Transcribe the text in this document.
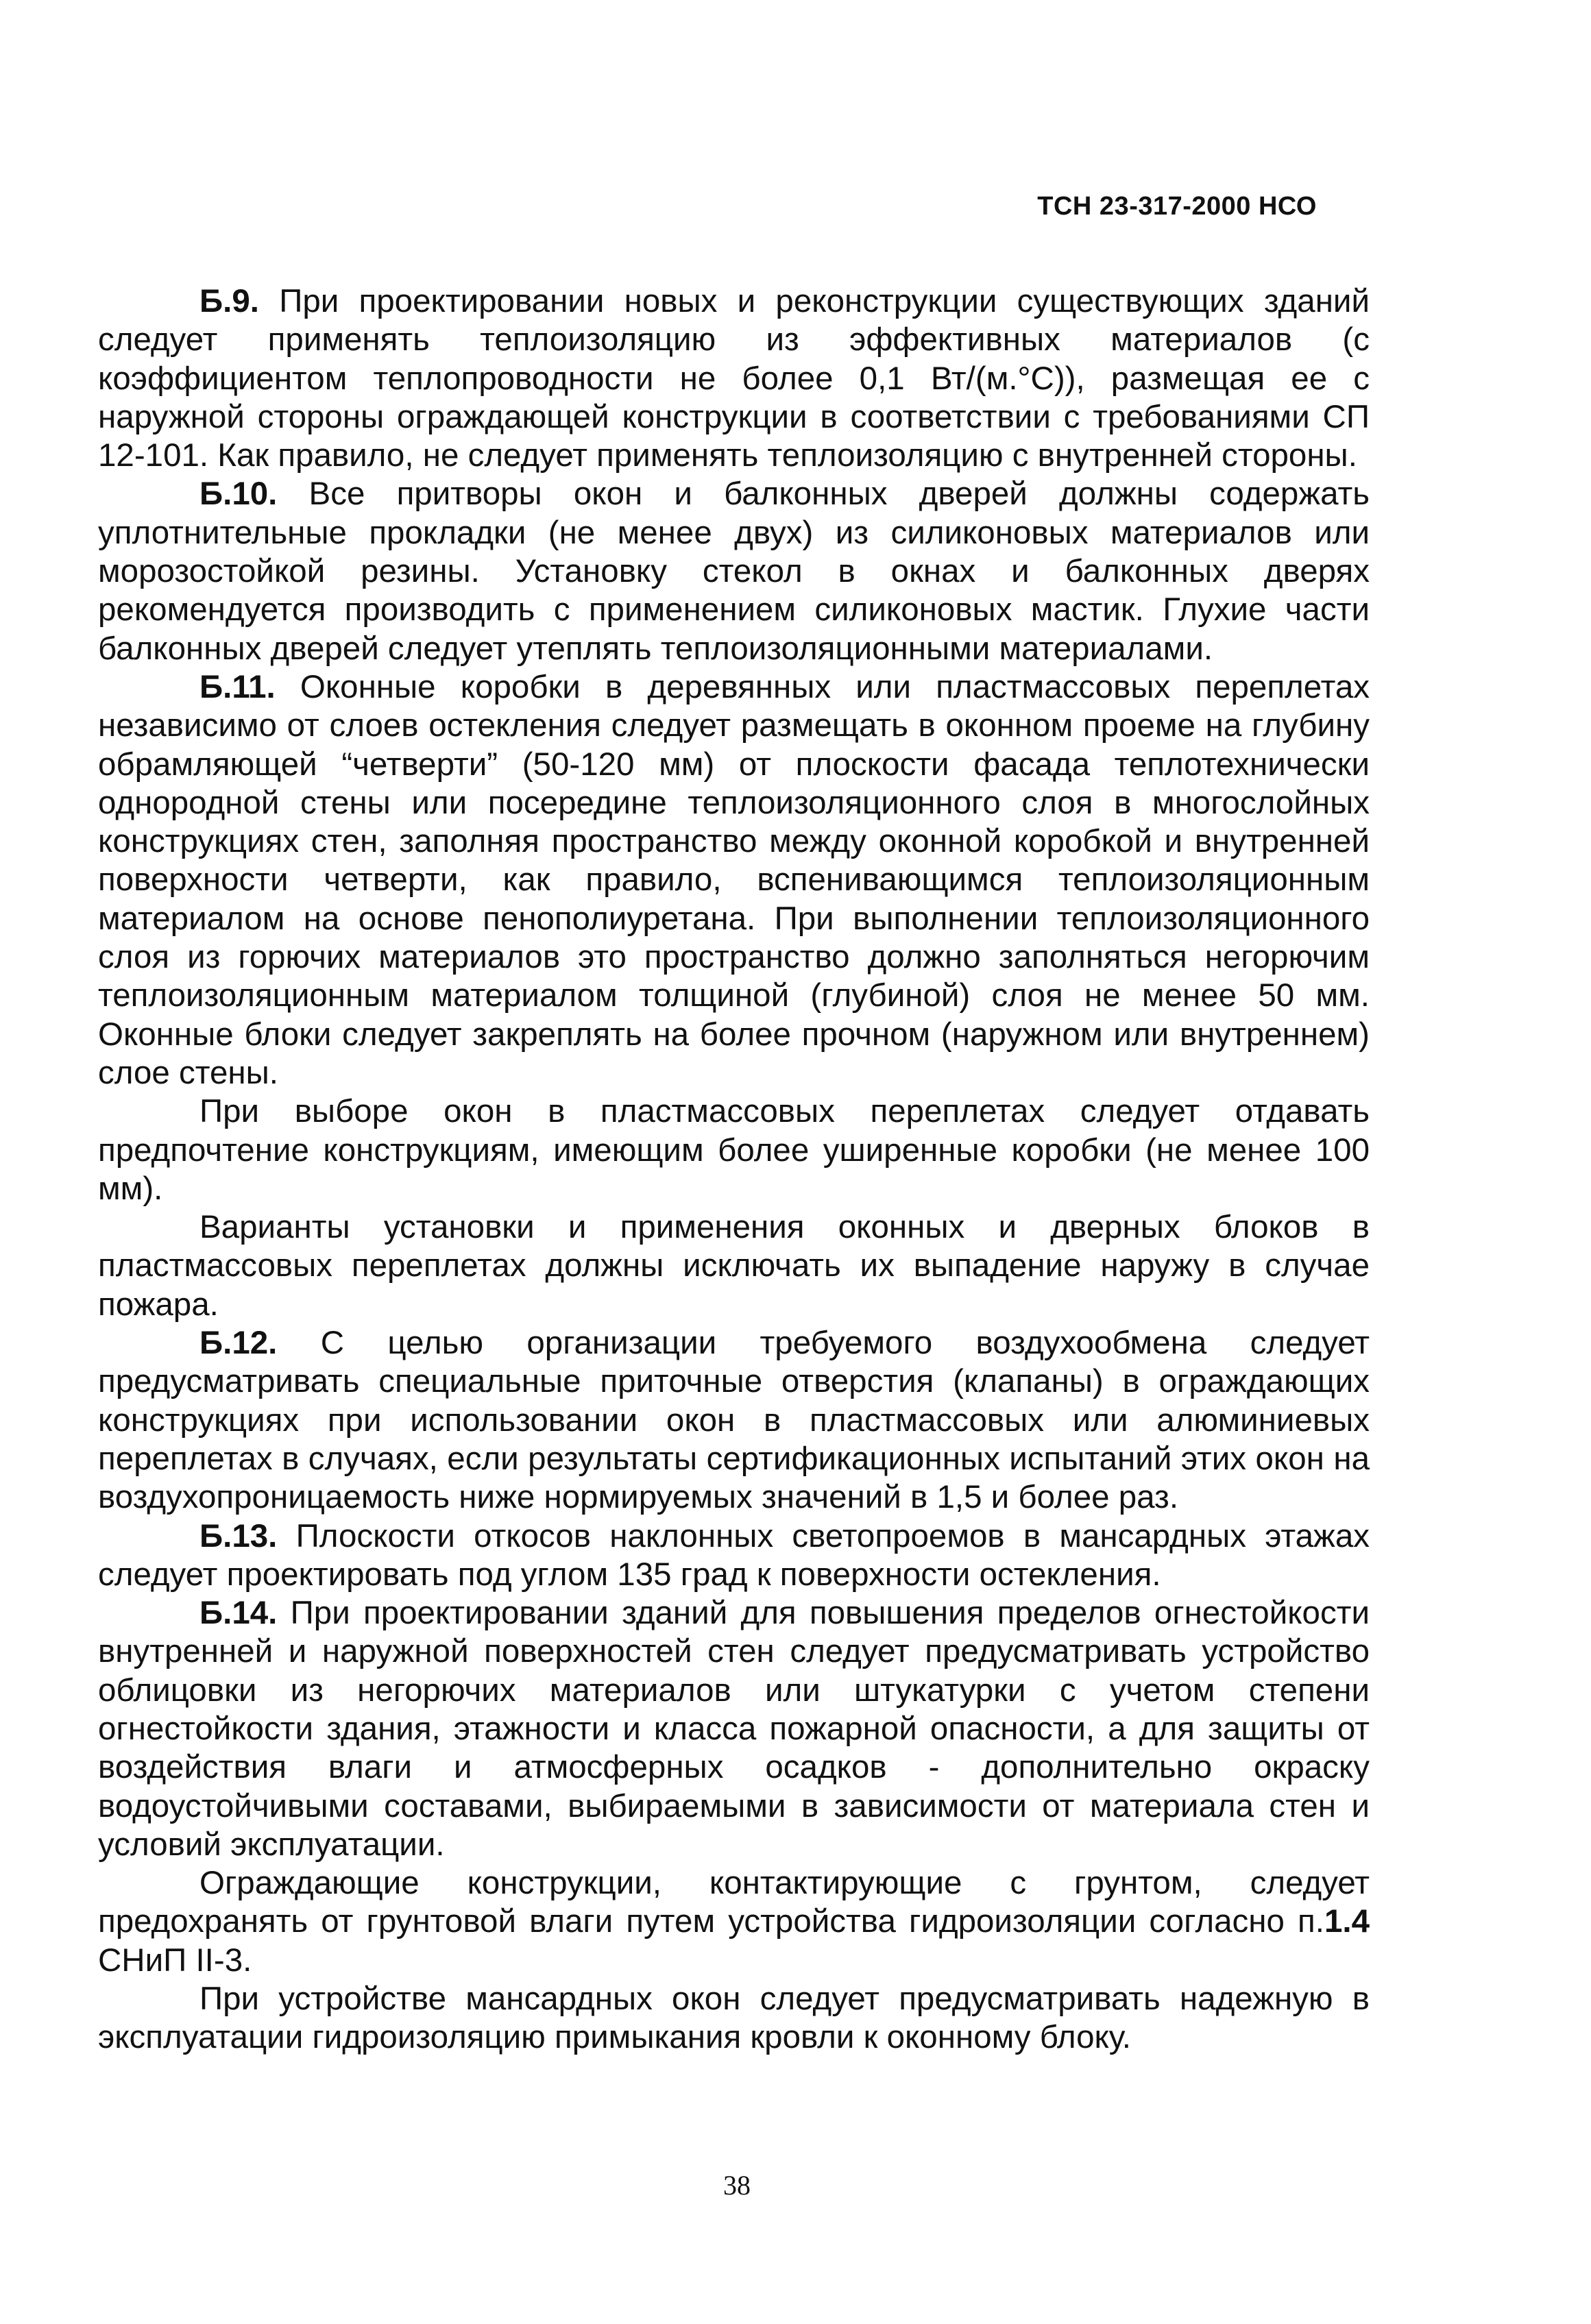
ТСН 23-317-2000 НСО

Б.9. При проектировании новых и реконструкции существующих зданий следует применять теплоизоляцию из эффективных материалов (с коэффициентом теплопроводности не более 0,1 Вт/(м.°С)), размещая ее с наружной стороны ограждающей конструкции в соответствии с требованиями СП 12-101. Как правило, не следует применять теплоизоляцию с внутренней стороны.

Б.10. Все притворы окон и балконных дверей должны содержать уплотнительные прокладки (не менее двух) из силиконовых материалов или морозостойкой резины. Установку стекол в окнах и балконных дверях рекомендуется производить с применением силиконовых мастик. Глухие части балконных дверей следует утеплять теплоизоляционными материалами.

Б.11. Оконные коробки в деревянных или пластмассовых переплетах независимо от слоев остекления следует размещать в оконном проеме на глубину обрамляющей “четверти” (50-120 мм) от плоскости фасада теплотехнически однородной стены или посередине теплоизоляционного слоя в многослойных конструкциях стен, заполняя пространство между оконной коробкой и внутренней поверхности четверти, как правило, вспенивающимся теплоизоляционным материалом на основе пенополиуретана. При выполнении теплоизоляционного слоя из горючих материалов это пространство должно заполняться негорючим теплоизоляционным материалом толщиной (глубиной) слоя не менее 50 мм. Оконные блоки следует закреплять на более прочном (наружном или внутреннем) слое стены.

При выборе окон в пластмассовых переплетах следует отдавать предпочтение конструкциям, имеющим более уширенные коробки (не менее 100 мм).

Варианты установки и применения оконных и дверных блоков в пластмассовых переплетах должны исключать их выпадение наружу в случае пожара.

Б.12. С целью организации требуемого воздухообмена следует предусматривать специальные приточные отверстия (клапаны) в ограждающих конструкциях при использовании окон в пластмассовых или алюминиевых переплетах в случаях, если результаты сертификационных испытаний этих окон на воздухопроницаемость ниже нормируемых значений в 1,5 и более раз.

Б.13. Плоскости откосов наклонных светопроемов в мансардных этажах следует проектировать под углом 135 град к поверхности остекления.

Б.14. При проектировании зданий для повышения пределов огнестойкости внутренней и наружной поверхностей стен следует предусматривать устройство облицовки из негорючих материалов или штукатурки с учетом степени огнестойкости здания, этажности и класса пожарной опасности, а для защиты от воздействия влаги и атмосферных осадков - дополнительно окраску водоустойчивыми составами, выбираемыми в зависимости от материала стен и условий эксплуатации.

Ограждающие конструкции, контактирующие с грунтом, следует предохранять от грунтовой влаги путем устройства гидроизоляции согласно п.1.4 СНиП II-3.

При устройстве мансардных окон следует предусматривать надежную в эксплуатации гидроизоляцию примыкания кровли к оконному блоку.

38
